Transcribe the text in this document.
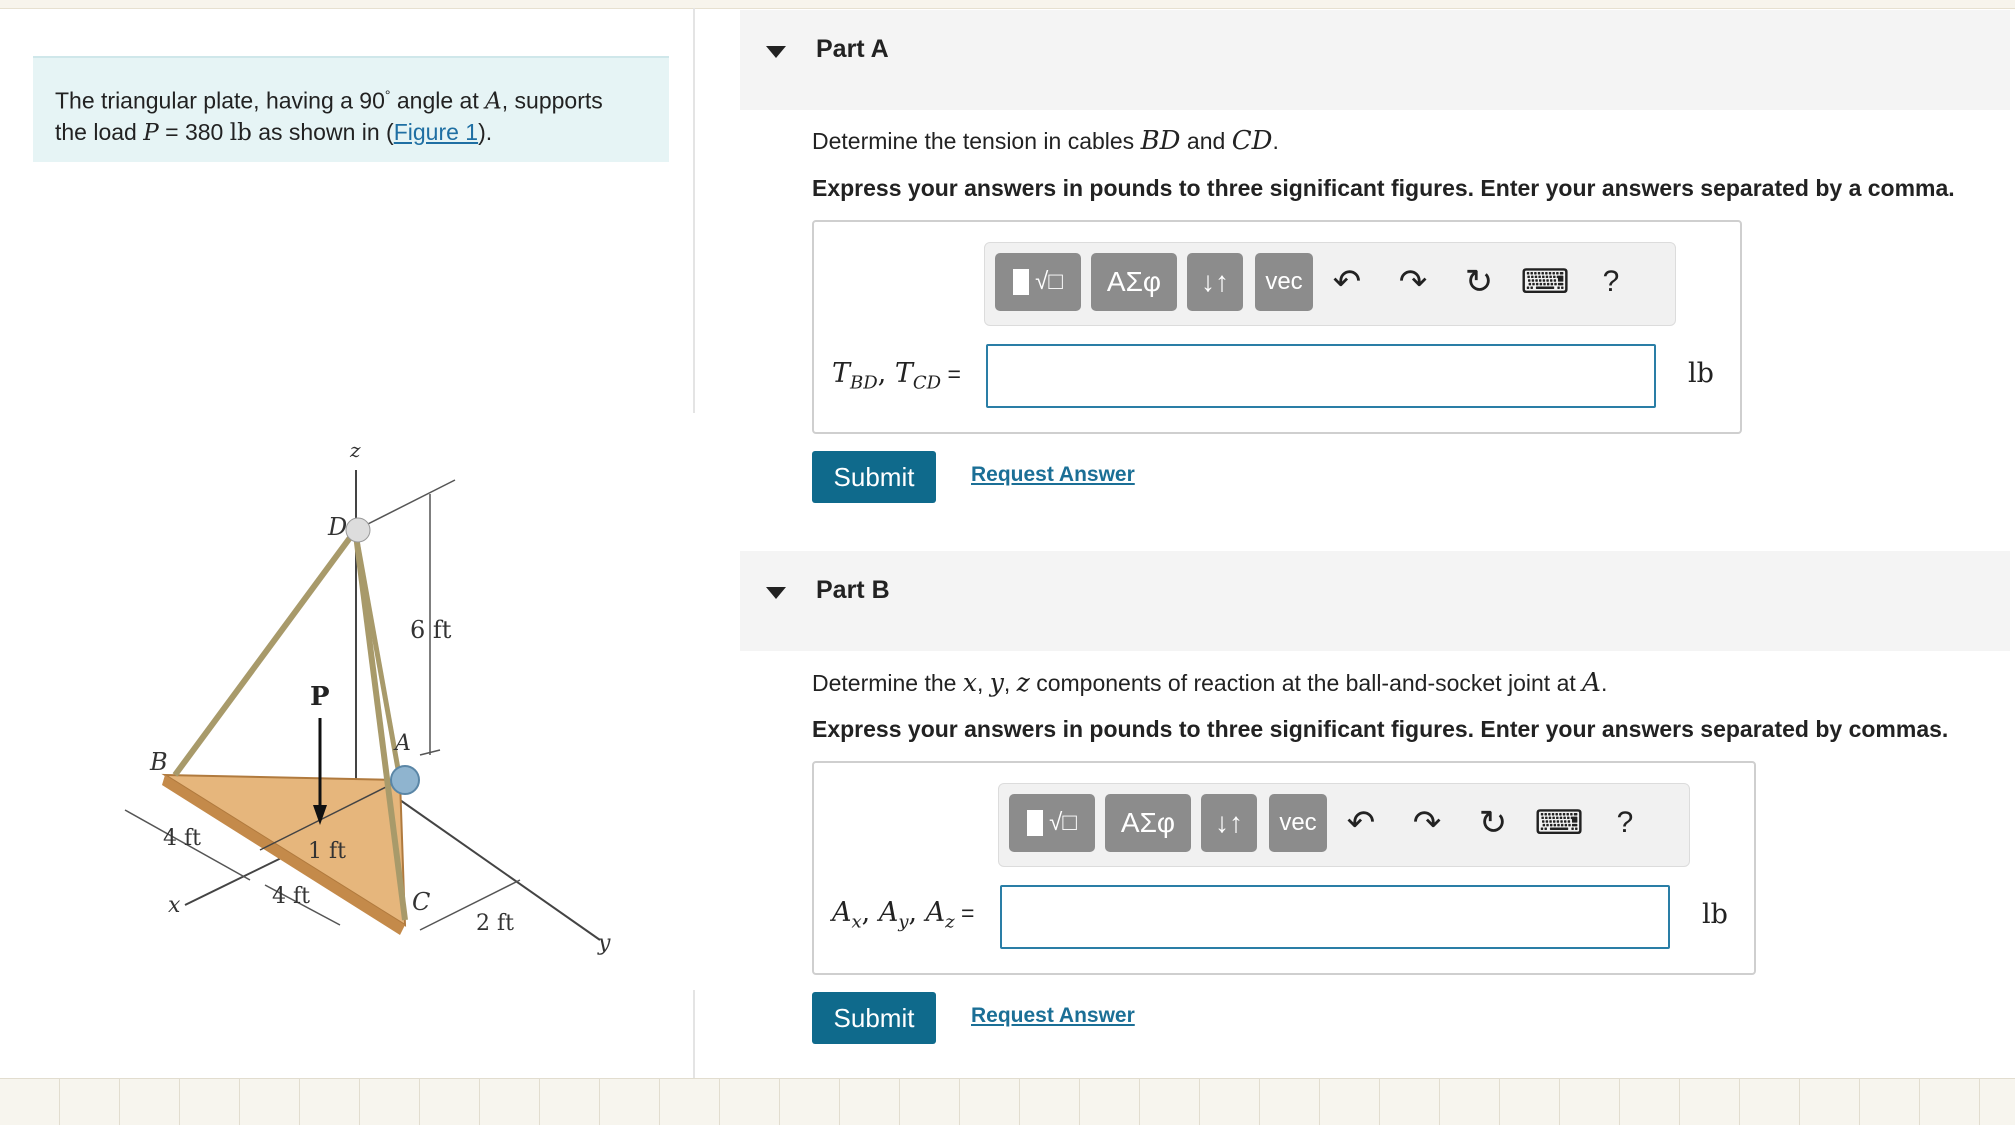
The triangular plate, having a 90° angle at A, supports
the load P = 380 lb as shown in (Figure 1).
z
D
6 ft
P
A
B
4 ft
1 ft
x	4 ft	C
2 ft
y
Part A
Determine the tension in cables BD and CD.
Express your answers in pounds to three significant figures. Enter your answers separated by a comma.
√□	ΑΣφ	↓↑	vec ↶ ↷ ↻ ⌨	?
$T_{BD}$, $T_{CD}$ =	lb
Submit	Request Answer
Part B
Determine the x, y, z components of reaction at the ball-and-socket joint at A.
Express your answers in pounds to three significant figures. Enter your answers separated by commas.
√□	ΑΣφ	↓↑	vec ↶ ↷ ↻ ⌨	?
$A_x$, $A_y$, $A_z$ =	lb
Submit	Request Answer
